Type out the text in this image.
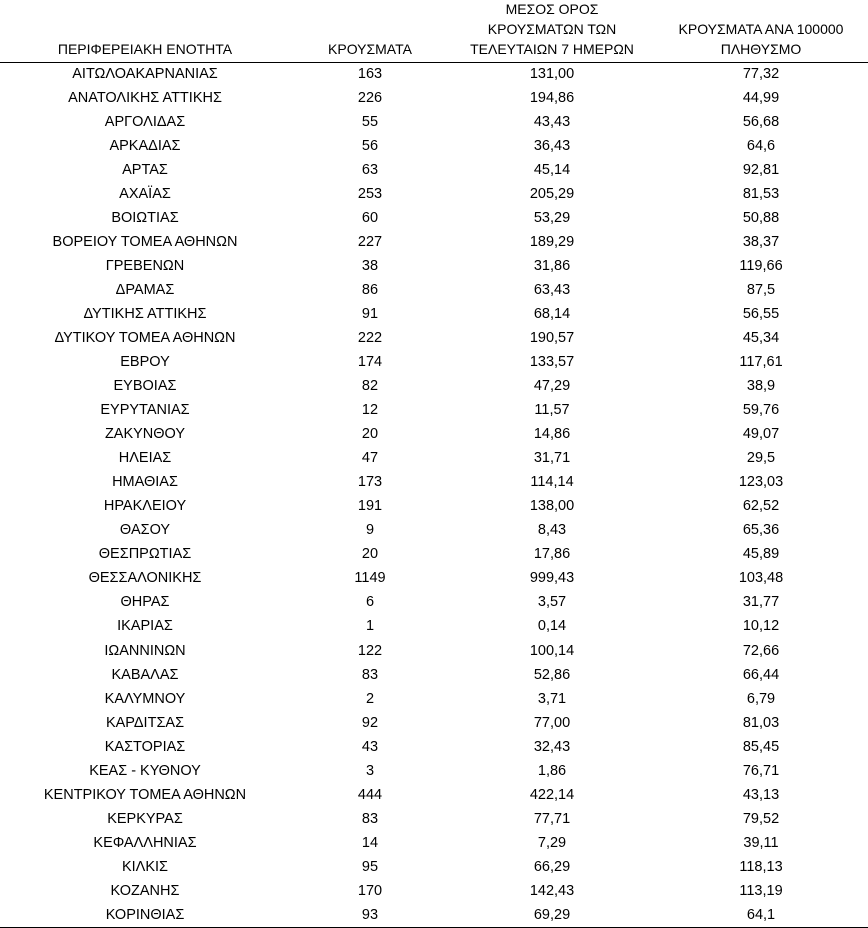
ΠΕΡΙΦΕΡΕΙΑΚΗ ΕΝΟΤΗΤΑ	ΚΡΟΥΣΜΑΤΑ	ΜΕΣΟΣ ΟΡΟΣ
ΚΡΟΥΣΜΑΤΩΝ ΤΩΝ
ΤΕΛΕΥΤΑΙΩΝ 7 ΗΜΕΡΩΝ	ΚΡΟΥΣΜΑΤΑ ΑΝΑ 100000
ΠΛΗΘΥΣΜΟ

ΑΙΤΩΛΟΑΚΑΡΝΑΝΙΑΣ	163	131,00	77,32
ΑΝΑΤΟΛΙΚΗΣ ΑΤΤΙΚΗΣ	226	194,86	44,99
ΑΡΓΟΛΙΔΑΣ	55	43,43	56,68
ΑΡΚΑΔΙΑΣ	56	36,43	64,6
ΑΡΤΑΣ	63	45,14	92,81
ΑΧΑΪΑΣ	253	205,29	81,53
ΒΟΙΩΤΙΑΣ	60	53,29	50,88
ΒΟΡΕΙΟΥ ΤΟΜΕΑ ΑΘΗΝΩΝ	227	189,29	38,37
ΓΡΕΒΕΝΩΝ	38	31,86	119,66
ΔΡΑΜΑΣ	86	63,43	87,5
ΔΥΤΙΚΗΣ ΑΤΤΙΚΗΣ	91	68,14	56,55
ΔΥΤΙΚΟΥ ΤΟΜΕΑ ΑΘΗΝΩΝ	222	190,57	45,34
ΕΒΡΟΥ	174	133,57	117,61
ΕΥΒΟΙΑΣ	82	47,29	38,9
ΕΥΡΥΤΑΝΙΑΣ	12	11,57	59,76
ΖΑΚΥΝΘΟΥ	20	14,86	49,07
ΗΛΕΙΑΣ	47	31,71	29,5
ΗΜΑΘΙΑΣ	173	114,14	123,03
ΗΡΑΚΛΕΙΟΥ	191	138,00	62,52
ΘΑΣΟΥ	9	8,43	65,36
ΘΕΣΠΡΩΤΙΑΣ	20	17,86	45,89
ΘΕΣΣΑΛΟΝΙΚΗΣ	1149	999,43	103,48
ΘΗΡΑΣ	6	3,57	31,77
ΙΚΑΡΙΑΣ	1	0,14	10,12
ΙΩΑΝΝΙΝΩΝ	122	100,14	72,66
ΚΑΒΑΛΑΣ	83	52,86	66,44
ΚΑΛΥΜΝΟΥ	2	3,71	6,79
ΚΑΡΔΙΤΣΑΣ	92	77,00	81,03
ΚΑΣΤΟΡΙΑΣ	43	32,43	85,45
ΚΕΑΣ - ΚΥΘΝΟΥ	3	1,86	76,71
ΚΕΝΤΡΙΚΟΥ ΤΟΜΕΑ ΑΘΗΝΩΝ	444	422,14	43,13
ΚΕΡΚΥΡΑΣ	83	77,71	79,52
ΚΕΦΑΛΛΗΝΙΑΣ	14	7,29	39,11
ΚΙΛΚΙΣ	95	66,29	118,13
ΚΟΖΑΝΗΣ	170	142,43	113,19
ΚΟΡΙΝΘΙΑΣ	93	69,29	64,1
